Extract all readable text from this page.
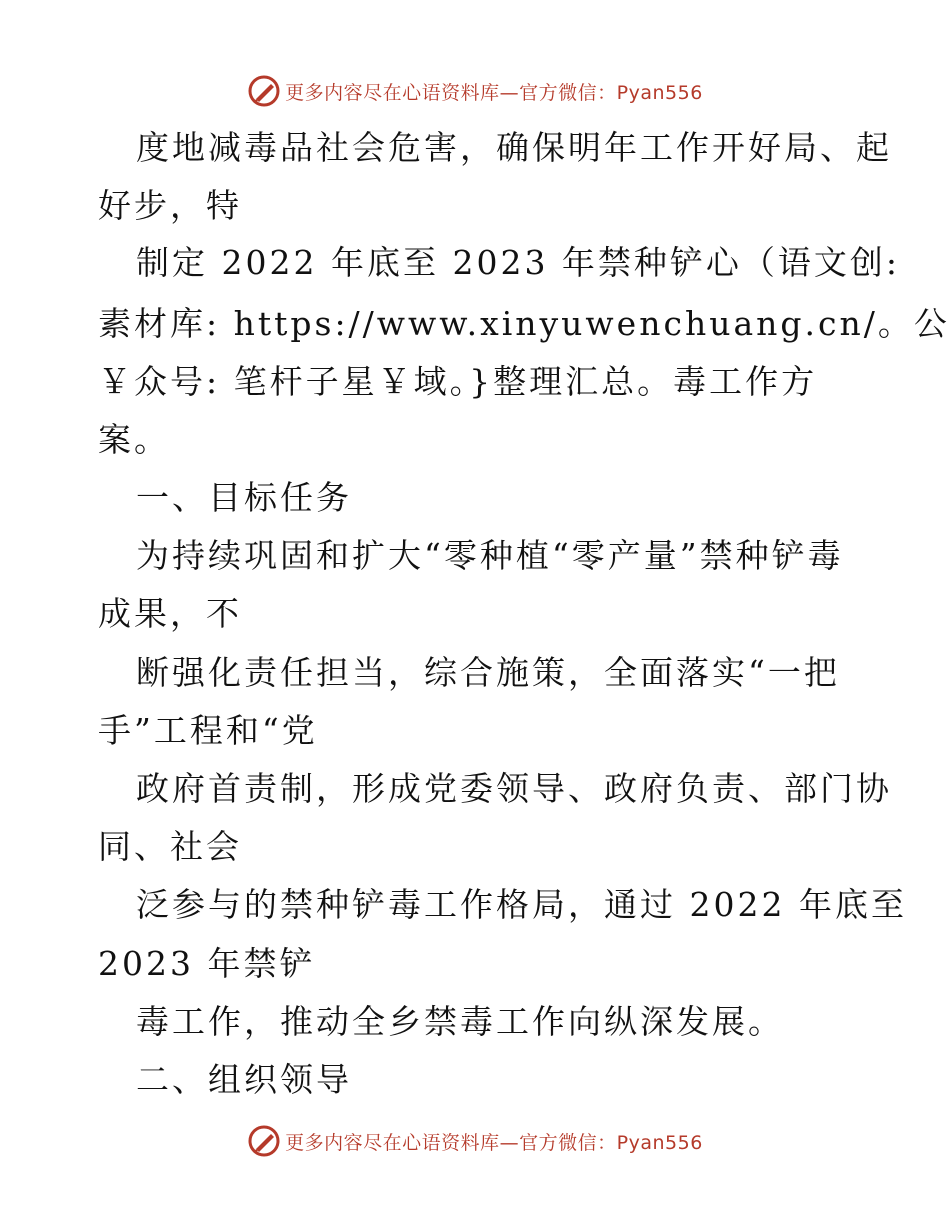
更多内容尽在心语资料库—官方微信：Pyan556
度地减毒品社会危害，确保明年工作开好局、起
好步，特
制定 2022 年底至 2023 年禁种铲心（语文创:
素材库: https://www.xinyuwenchuang.cn/。公
￥众号: 笔杆子星￥域。}整理汇总。毒工作方
案。
一、目标任务
为持续巩固和扩大“零种植“零产量”禁种铲毒
成果，不
断强化责任担当，综合施策，全面落实“一把
手”工程和“党
政府首责制，形成党委领导、政府负责、部门协
同、社会
泛参与的禁种铲毒工作格局，通过 2022 年底至
2023 年禁铲
毒工作，推动全乡禁毒工作向纵深发展。
二、组织领导
更多内容尽在心语资料库—官方微信：Pyan556
